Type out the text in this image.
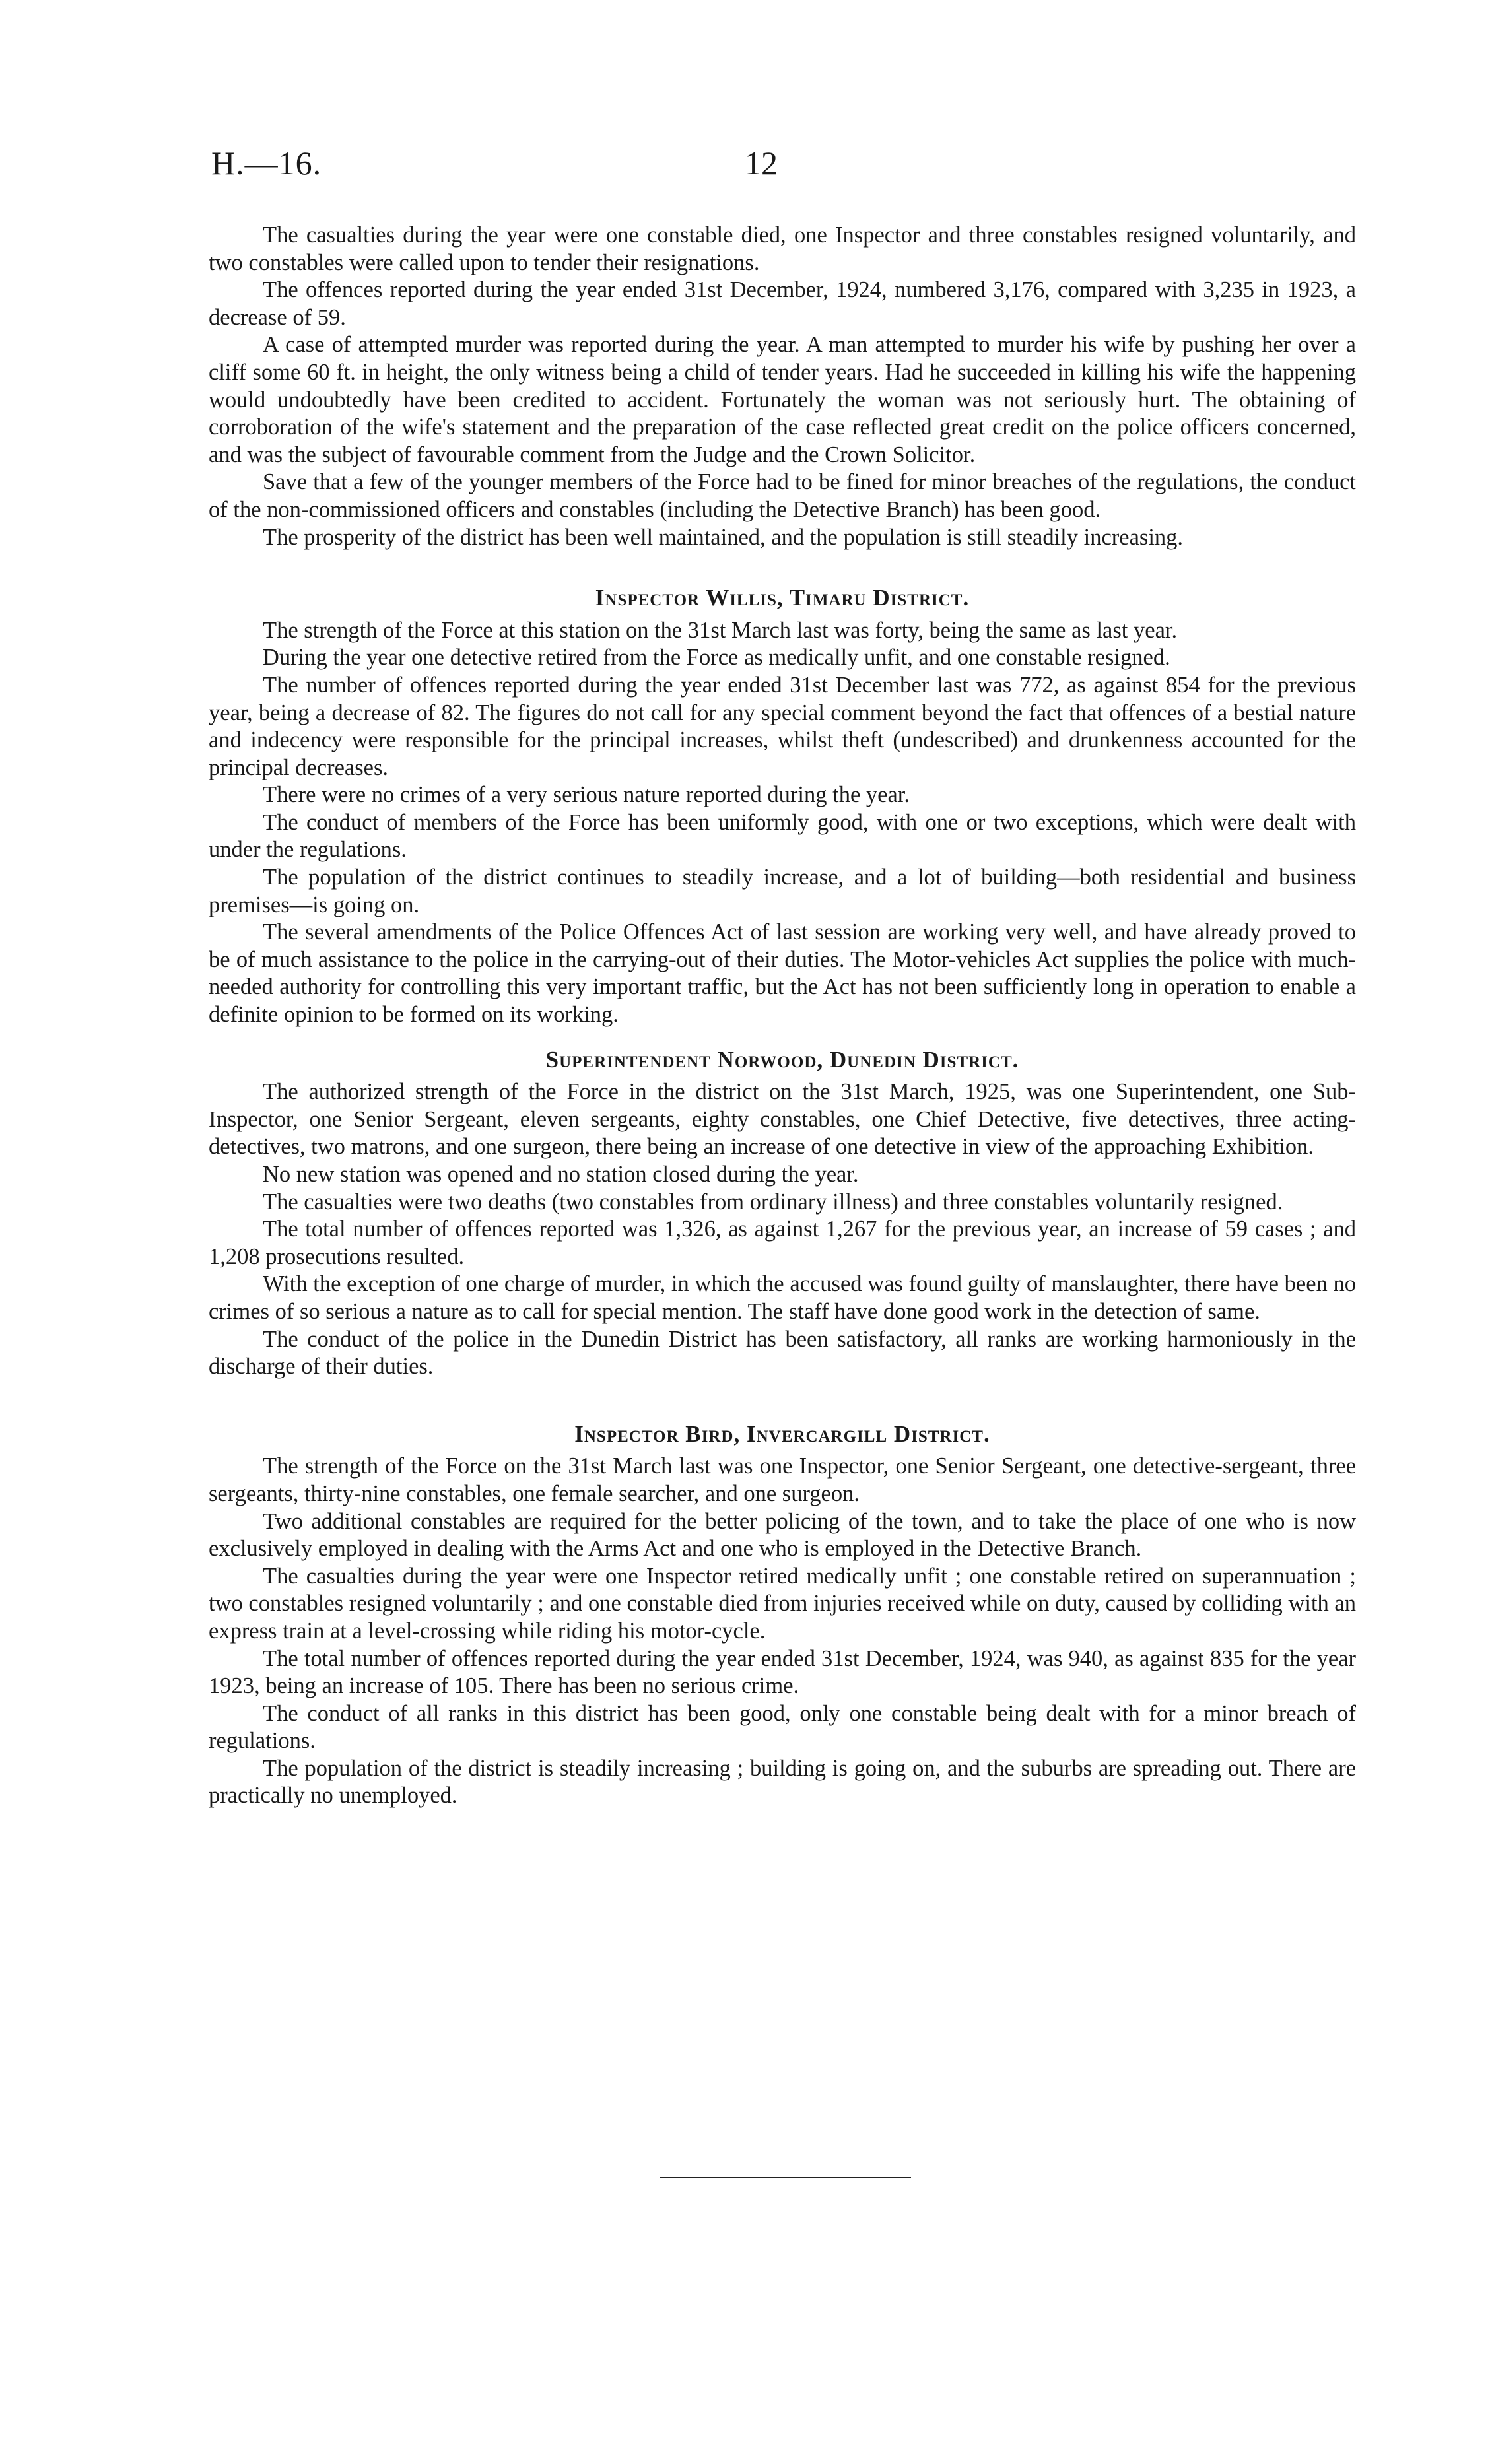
H.—16.	12

The casualties during the year were one constable died, one Inspector and three constables resigned voluntarily, and two constables were called upon to tender their resignations.

The offences reported during the year ended 31st December, 1924, numbered 3,176, compared with 3,235 in 1923, a decrease of 59.

A case of attempted murder was reported during the year. A man attempted to murder his wife by pushing her over a cliff some 60 ft. in height, the only witness being a child of tender years. Had he succeeded in killing his wife the happening would undoubtedly have been credited to accident. Fortunately the woman was not seriously hurt. The obtaining of corroboration of the wife's statement and the preparation of the case reflected great credit on the police officers concerned, and was the subject of favourable comment from the Judge and the Crown Solicitor.

Save that a few of the younger members of the Force had to be fined for minor breaches of the regulations, the conduct of the non-commissioned officers and constables (including the Detective Branch) has been good.

The prosperity of the district has been well maintained, and the population is still steadily increasing.

Inspector Willis, Timaru District.

The strength of the Force at this station on the 31st March last was forty, being the same as last year.

During the year one detective retired from the Force as medically unfit, and one constable resigned.

The number of offences reported during the year ended 31st December last was 772, as against 854 for the previous year, being a decrease of 82. The figures do not call for any special comment beyond the fact that offences of a bestial nature and indecency were responsible for the principal increases, whilst theft (undescribed) and drunkenness accounted for the principal decreases.

There were no crimes of a very serious nature reported during the year.

The conduct of members of the Force has been uniformly good, with one or two exceptions, which were dealt with under the regulations.

The population of the district continues to steadily increase, and a lot of building—both residential and business premises—is going on.

The several amendments of the Police Offences Act of last session are working very well, and have already proved to be of much assistance to the police in the carrying-out of their duties. The Motor-vehicles Act supplies the police with much-needed authority for controlling this very important traffic, but the Act has not been sufficiently long in operation to enable a definite opinion to be formed on its working.

Superintendent Norwood, Dunedin District.

The authorized strength of the Force in the district on the 31st March, 1925, was one Superintendent, one Sub-Inspector, one Senior Sergeant, eleven sergeants, eighty constables, one Chief Detective, five detectives, three acting-detectives, two matrons, and one surgeon, there being an increase of one detective in view of the approaching Exhibition.

No new station was opened and no station closed during the year.

The casualties were two deaths (two constables from ordinary illness) and three constables voluntarily resigned.

The total number of offences reported was 1,326, as against 1,267 for the previous year, an increase of 59 cases ; and 1,208 prosecutions resulted.

With the exception of one charge of murder, in which the accused was found guilty of manslaughter, there have been no crimes of so serious a nature as to call for special mention. The staff have done good work in the detection of same.

The conduct of the police in the Dunedin District has been satisfactory, all ranks are working harmoniously in the discharge of their duties.

Inspector Bird, Invercargill District.

The strength of the Force on the 31st March last was one Inspector, one Senior Sergeant, one detective-sergeant, three sergeants, thirty-nine constables, one female searcher, and one surgeon.

Two additional constables are required for the better policing of the town, and to take the place of one who is now exclusively employed in dealing with the Arms Act and one who is employed in the Detective Branch.

The casualties during the year were one Inspector retired medically unfit ; one constable retired on superannuation ; two constables resigned voluntarily ; and one constable died from injuries received while on duty, caused by colliding with an express train at a level-crossing while riding his motor-cycle.

The total number of offences reported during the year ended 31st December, 1924, was 940, as against 835 for the year 1923, being an increase of 105. There has been no serious crime.

The conduct of all ranks in this district has been good, only one constable being dealt with for a minor breach of regulations.

The population of the district is steadily increasing ; building is going on, and the suburbs are spreading out. There are practically no unemployed.
